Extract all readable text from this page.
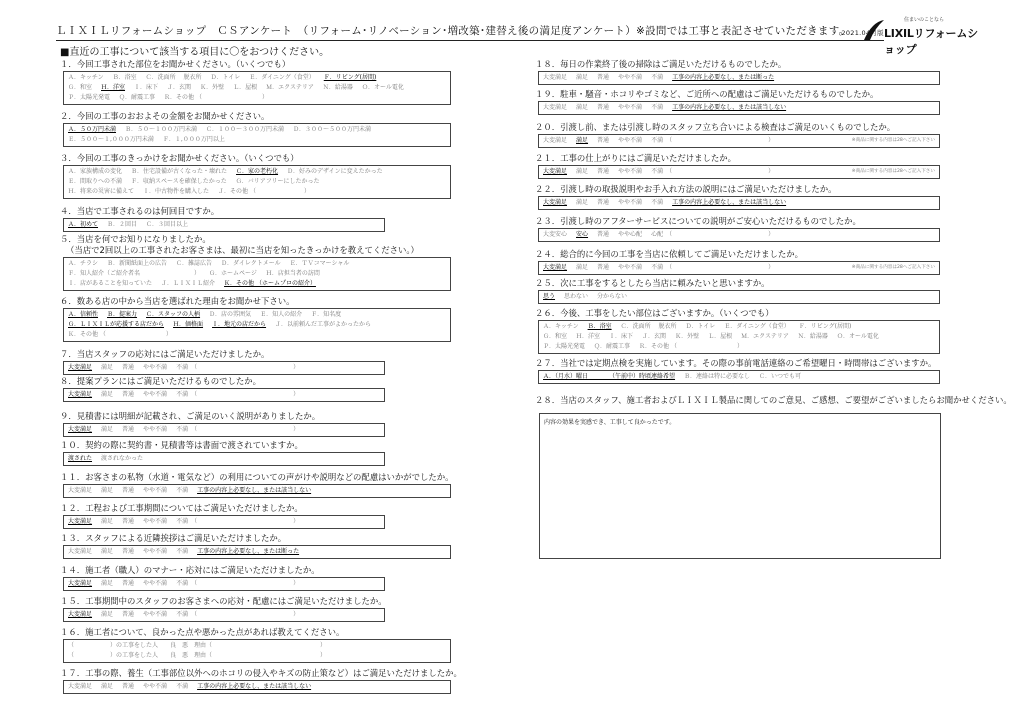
ＬＩＸＩＬリフォームショップ　ＣＳアンケート　（リフォーム･リノベーション･増改築･建替え後の満足度アンケート）※設問では工事と表記させていただきます。
2021.04月版
住まいのことなら
LIXILリフォームショップ
■直近の工事について該当する項目に〇をおつけください。
１．今回工事された部位をお聞かせください。（いくつでも）
Ａ．キッチン Ｂ．浴室 Ｃ．洗面所 　脱衣所 Ｄ．トイレ Ｅ．ダイニング（食堂） Ｆ．リビング(居間)
Ｇ．和室 Ｈ．洋室 Ｉ．床下 Ｊ．玄関 Ｋ．外壁 Ｌ．屋根 Ｍ．エクステリア Ｎ．給湯器 Ｏ．オール電化
Ｐ．太陽光発電 Ｑ．耐震工事 Ｒ．その他 （　　　　　　　　　　）
２．今回の工事のおおよその金額をお聞かせください。
Ａ．５０万円未満 Ｂ．５０～１００万円未満 Ｃ．１００～３００万円未満 Ｄ．３００～５００万円未満
Ｅ．５００～１,０００万円未満 Ｆ．１,０００万円以上
３．今回の工事のきっかけをお聞かせください。（いくつでも）
Ａ．家族構成の変化 Ｂ．住宅設備が古くなった・壊れた Ｃ．家の老朽化 Ｄ．好みのデザインに変えたかった
Ｅ．間取りへの不満 Ｆ．収納スペースを確保したかった Ｇ．バリアフリーにしたかった
Ｈ．将来の災害に備えて Ｉ．中古物件を購入した Ｊ．その他 （　　　　　　　　）
４．当店で工事されるのは何回目ですか。
Ａ．初めて Ｂ．２回目 Ｃ．３回目以上
５．当店を何でお知りになりましたか。
（当店で2回以上の工事されたお客さまは、最初に当店を知ったきっかけを教えてください。）
Ａ．チラシ Ｂ．新聞紙面上の広告 Ｃ．雑誌広告 Ｄ．ダイレクトメール Ｅ．ＴＶコマーシャル
Ｆ．知人紹介（ご紹介者名　　　　　　　　　） Ｇ．ホームページ Ｈ．店担当者の訪問
Ｉ．店があることを知っていた Ｊ．ＬＩＸＩＬ紹介 Ｋ．その他 （ホームプロの紹介）
６．数ある店の中から当店を選ばれた理由をお聞かせ下さい。
Ａ．信頼性 Ｂ．提案力 Ｃ．スタッフの人柄 Ｄ．店の雰囲気 Ｅ．知人の紹介 Ｆ．知名度
Ｇ．ＬＩＸＩＬが応援する店だから Ｈ．価格面 Ｉ．地元の店だから Ｊ．以前頼んだ工事がよかったから
Ｋ．その他 （　　　　　　　　　　）
７．当店スタッフの応対にはご満足いただけましたか。
大変満足 満足 普通 やや不満 不満　（　　　　　　　　　　　　　　　　）
８．提案プランにはご満足いただけるものでしたか。
大変満足 満足 普通 やや不満 不満　（　　　　　　　　　　　　　　　　）
９．見積書には明細が記載され、ご満足のいく説明がありましたか。
大変満足 満足 普通 やや不満 不満　（　　　　　　　　　　　　　　　　）
１０．契約の際に契約書・見積書等は書面で渡されていますか。
渡された 渡されなかった
１１．お客さまの私物（水道・電気など）の利用についての声がけや説明などの配慮はいかがでしたか。
大変満足 満足 普通 やや不満 不満 工事の内容上必要なし、または該当しない
１２．工程および工事期間についてはご満足いただけましたか。
大変満足 満足 普通 やや不満 不満　（　　　　　　　　　　　　　　　　）
１３．スタッフによる近隣挨拶はご満足いただけましたか。
大変満足 満足 普通 やや不満 不満 工事の内容上必要なし、または断った
１４．施工者（職人）のマナー・応対にはご満足いただけましたか。
大変満足 満足 普通 やや不満 不満　（　　　　　　　　　　　　　　　　）
１５．工事期間中のスタッフのお客さまへの応対・配慮にはご満足いただけましたか。
大変満足 満足 普通 やや不満 不満　（　　　　　　　　　　　　　　　　）
１６．施工者について、良かった点や悪かった点があれば教えてください。
（　　　　　　）の工事をした人　　良　悪　理由（　　　　　　　　　　　　　　　　　　）
（　　　　　　）の工事をした人　　良　悪　理由（　　　　　　　　　　　　　　　　　　）
１７．工事の際、養生（工事部位以外へのホコリの侵入やキズの防止策など）はご満足いただけましたか。
大変満足 満足 普通 やや不満 不満 工事の内容上必要なし、または該当しない
１８．毎日の作業終了後の掃除はご満足いただけるものでしたか。
大変満足 満足 普通 やや不満 不満 工事の内容上必要なし、または断った
１９．駐車・騒音・ホコリやゴミなど、ご近所への配慮はご満足いただけるものでしたか。
大変満足 満足 普通 やや不満 不満 工事の内容上必要なし、または該当しない
２０．引渡し前、または引渡し時のスタッフ立ち合いによる検査はご満足のいくものでしたか。
大変満足 満足 普通 やや不満 不満　（　　　　　　　　　　　　　　　　）	※商品に関する内容は28へご記入下さい
２１．工事の仕上がりにはご満足いただけましたか。
大変満足 満足 普通 やや不満 不満　（　　　　　　　　　　　　　　　　）	※商品に関する内容は28へご記入下さい
２２．引渡し時の取扱説明やお手入れ方法の説明にはご満足いただけましたか。
大変満足 満足 普通 やや不満 不満 工事の内容上必要なし、または該当しない
２３．引渡し時のアフターサービスについての説明がご安心いただけるものでしたか。
大変安心 安心 普通 やや心配 心配　（　　　　　　　　　　　　　　　　）
２４．総合的に今回の工事を当店に依頼してご満足いただけましたか。
大変満足 満足 普通 やや不満 不満　（　　　　　　　　　　　　　　　　）	※商品に関する内容は28へご記入下さい
２５．次に工事をするとしたら当店に頼みたいと思いますか。
思う 思わない 分からない
２６．今後、工事をしたい部位はございますか。（いくつでも）
Ａ．キッチン Ｂ．浴室 Ｃ．洗面所 　脱衣所 Ｄ．トイレ Ｅ．ダイニング（食堂） Ｆ．リビング(居間)
Ｇ．和室 Ｈ．洋室 Ｉ．床下 Ｊ．玄関 Ｋ．外壁 Ｌ．屋根 Ｍ．エクステリア Ｎ．給湯器 Ｏ．オール電化
Ｐ．太陽光発電 Ｑ．耐震工事 Ｒ．その他 （　　　　　　　　　　）
２７．当社では定期点検を実施しています。その際の事前電話連絡のご希望曜日・時間帯はございますか。
Ａ．（月水）曜日　　　　（午前中）時頃連絡希望 Ｂ．連絡は特に必要なし Ｃ．いつでも可
２８．当店のスタッフ、施工者およびＬＩＸＩＬ製品に関してのご意見、ご感想、ご要望がございましたらお聞かせください。
内容の効果を実感でき、工事して良かったです。
